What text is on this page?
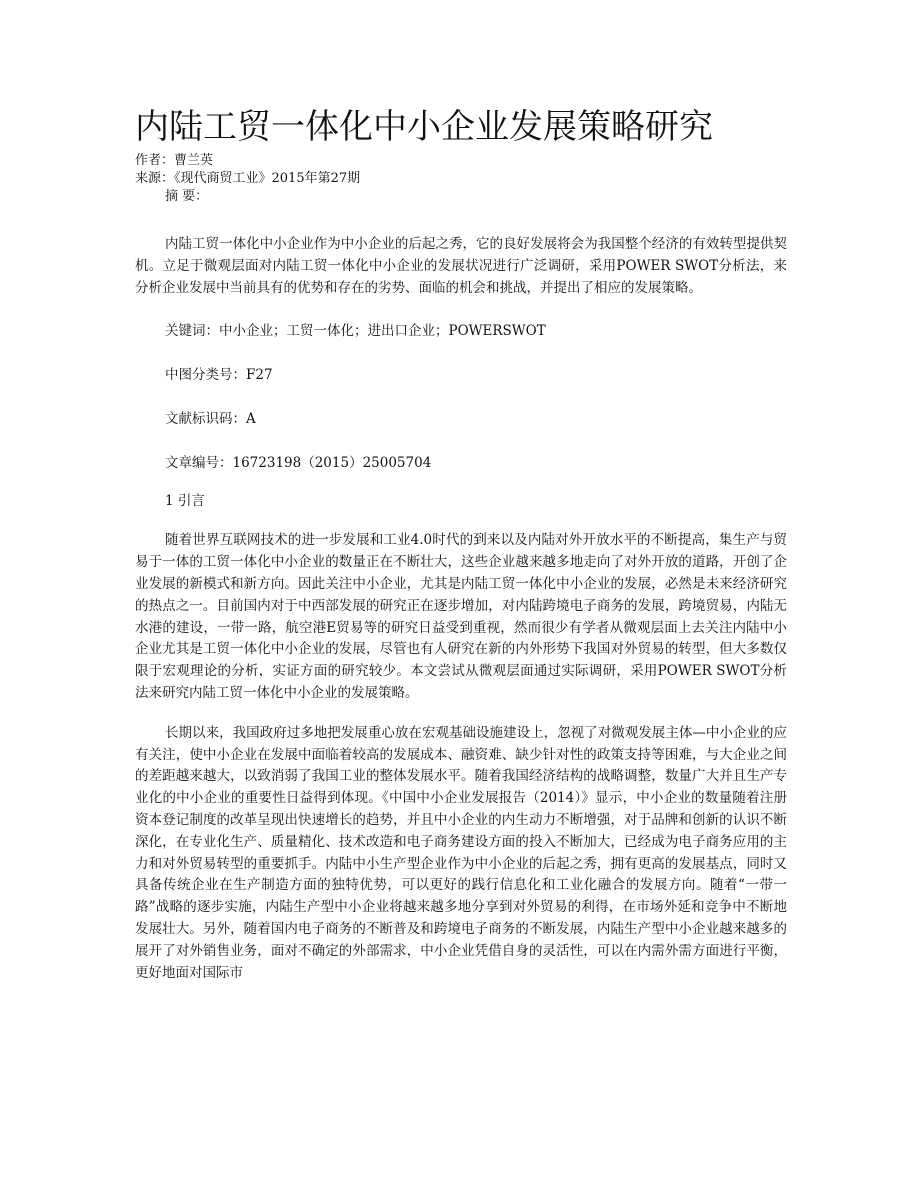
内陆工贸一体化中小企业发展策略研究

作者：曹兰英

来源：《现代商贸工业》2015年第27期

摘 要：

内陆工贸一体化中小企业作为中小企业的后起之秀，它的良好发展将会为我国整个经济的有效转型提供契机。立足于微观层面对内陆工贸一体化中小企业的发展状况进行广泛调研，采用POWER SWOT分析法，来分析企业发展中当前具有的优势和存在的劣势、面临的机会和挑战，并提出了相应的发展策略。

关键词：中小企业；工贸一体化；进出口企业；POWERSWOT

中图分类号：F27

文献标识码：A

文章编号：16723198（2015）25005704

1 引言

随着世界互联网技术的进一步发展和工业4.0时代的到来以及内陆对外开放水平的不断提高，集生产与贸易于一体的工贸一体化中小企业的数量正在不断壮大，这些企业越来越多地走向了对外开放的道路，开创了企业发展的新模式和新方向。因此关注中小企业，尤其是内陆工贸一体化中小企业的发展，必然是未来经济研究的热点之一。目前国内对于中西部发展的研究正在逐步增加，对内陆跨境电子商务的发展，跨境贸易，内陆无水港的建设，一带一路，航空港E贸易等的研究日益受到重视，然而很少有学者从微观层面上去关注内陆中小企业尤其是工贸一体化中小企业的发展，尽管也有人研究在新的内外形势下我国对外贸易的转型，但大多数仅限于宏观理论的分析，实证方面的研究较少。本文尝试从微观层面通过实际调研，采用POWER SWOT分析法来研究内陆工贸一体化中小企业的发展策略。

长期以来，我国政府过多地把发展重心放在宏观基础设施建设上，忽视了对微观发展主体—中小企业的应有关注，使中小企业在发展中面临着较高的发展成本、融资难、缺少针对性的政策支持等困难，与大企业之间的差距越来越大，以致消弱了我国工业的整体发展水平。随着我国经济结构的战略调整，数量广大并且生产专业化的中小企业的重要性日益得到体现。《中国中小企业发展报告（2014）》显示，中小企业的数量随着注册资本登记制度的改革呈现出快速增长的趋势，并且中小企业的内生动力不断增强，对于品牌和创新的认识不断深化，在专业化生产、质量精化、技术改造和电子商务建设方面的投入不断加大，已经成为电子商务应用的主力和对外贸易转型的重要抓手。内陆中小生产型企业作为中小企业的后起之秀，拥有更高的发展基点，同时又具备传统企业在生产制造方面的独特优势，可以更好的践行信息化和工业化融合的发展方向。随着“一带一路”战略的逐步实施，内陆生产型中小企业将越来越多地分享到对外贸易的利得，在市场外延和竞争中不断地发展壮大。另外，随着国内电子商务的不断普及和跨境电子商务的不断发展，内陆生产型中小企业越来越多的展开了对外销售业务，面对不确定的外部需求，中小企业凭借自身的灵活性，可以在内需外需方面进行平衡，更好地面对国际市
